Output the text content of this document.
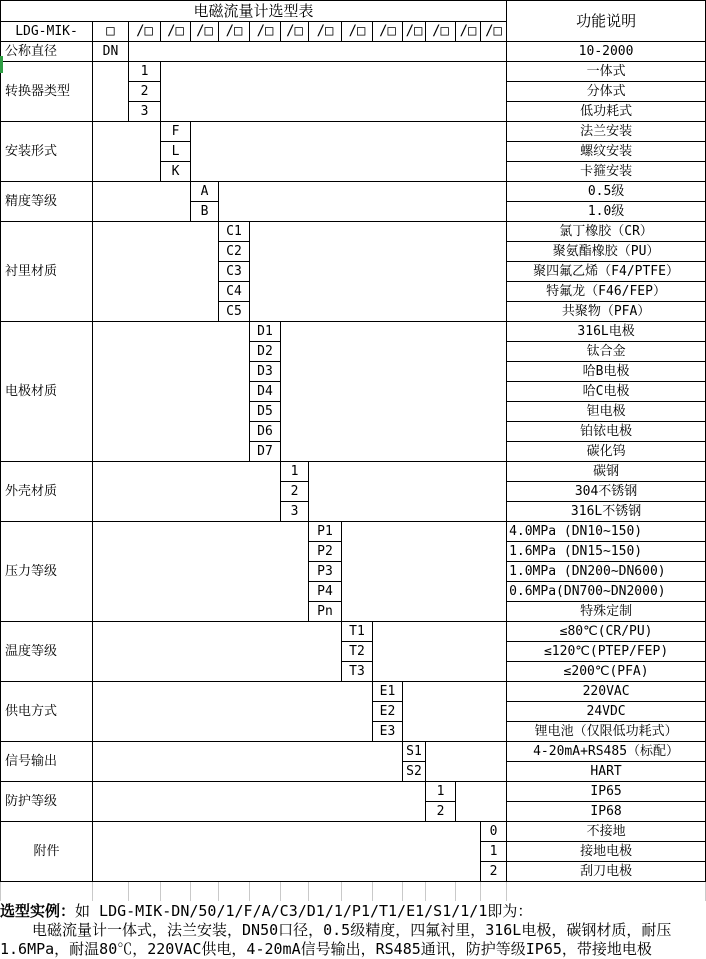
电磁流量计选型表															功能说明
LDG-MIK-	□	/□	/□	/□	/□	/□	/□	/□	/□	/□	/□	/□	/□	/□	
公称直径	DN														10-2000
转换器类型		1													一体式
		2													分体式
		3													低功耗式
安装形式			F												法兰安装
			L												螺纹安装
			K												卡箍安装
精度等级				A											0.5级
				B											1.0级
衬里材质					C1										氯丁橡胶（CR）
					C2										聚氨酯橡胶（PU）
					C3										聚四氟乙烯（F4/PTFE）
					C4										特氟龙（F46/FEP）
					C5										共聚物（PFA）
电极材质						D1									316L电极
						D2									钛合金
						D3									哈B电极
						D4									哈C电极
						D5									钽电极
						D6									铂铱电极
						D7									碳化钨
外壳材质							1								碳钢
							2								304不锈钢
							3								316L不锈钢
压力等级								P1							4.0MPa (DN10~150)
								P2							1.6MPa (DN15~150)
								P3							1.0MPa (DN200~DN600)
								P4							0.6MPa(DN700~DN2000)
								Pn							特殊定制
温度等级									T1						≤80℃(CR/PU)
									T2						≤120℃(PTEP/FEP)
									T3						≤200℃(PFA)
供电方式										E1					220VAC
										E2					24VDC
										E3					锂电池（仅限低功耗式）
信号输出											S1				4-20mA+RS485（标配）
											S2				HART
防护等级												1			IP65
												2			IP68
附件														0	不接地
														1	接地电极
														2	刮刀电极

选型实例：如 LDG-MIK-DN/50/1/F/A/C3/D1/1/P1/T1/E1/S1/1/1即为：
电磁流量计一体式，法兰安装，DN50口径，0.5级精度，四氟衬里，316L电极，碳钢材质，耐压
1.6MPa，耐温80℃，220VAC供电，4-20mA信号输出，RS485通讯，防护等级IP65，带接地电极
